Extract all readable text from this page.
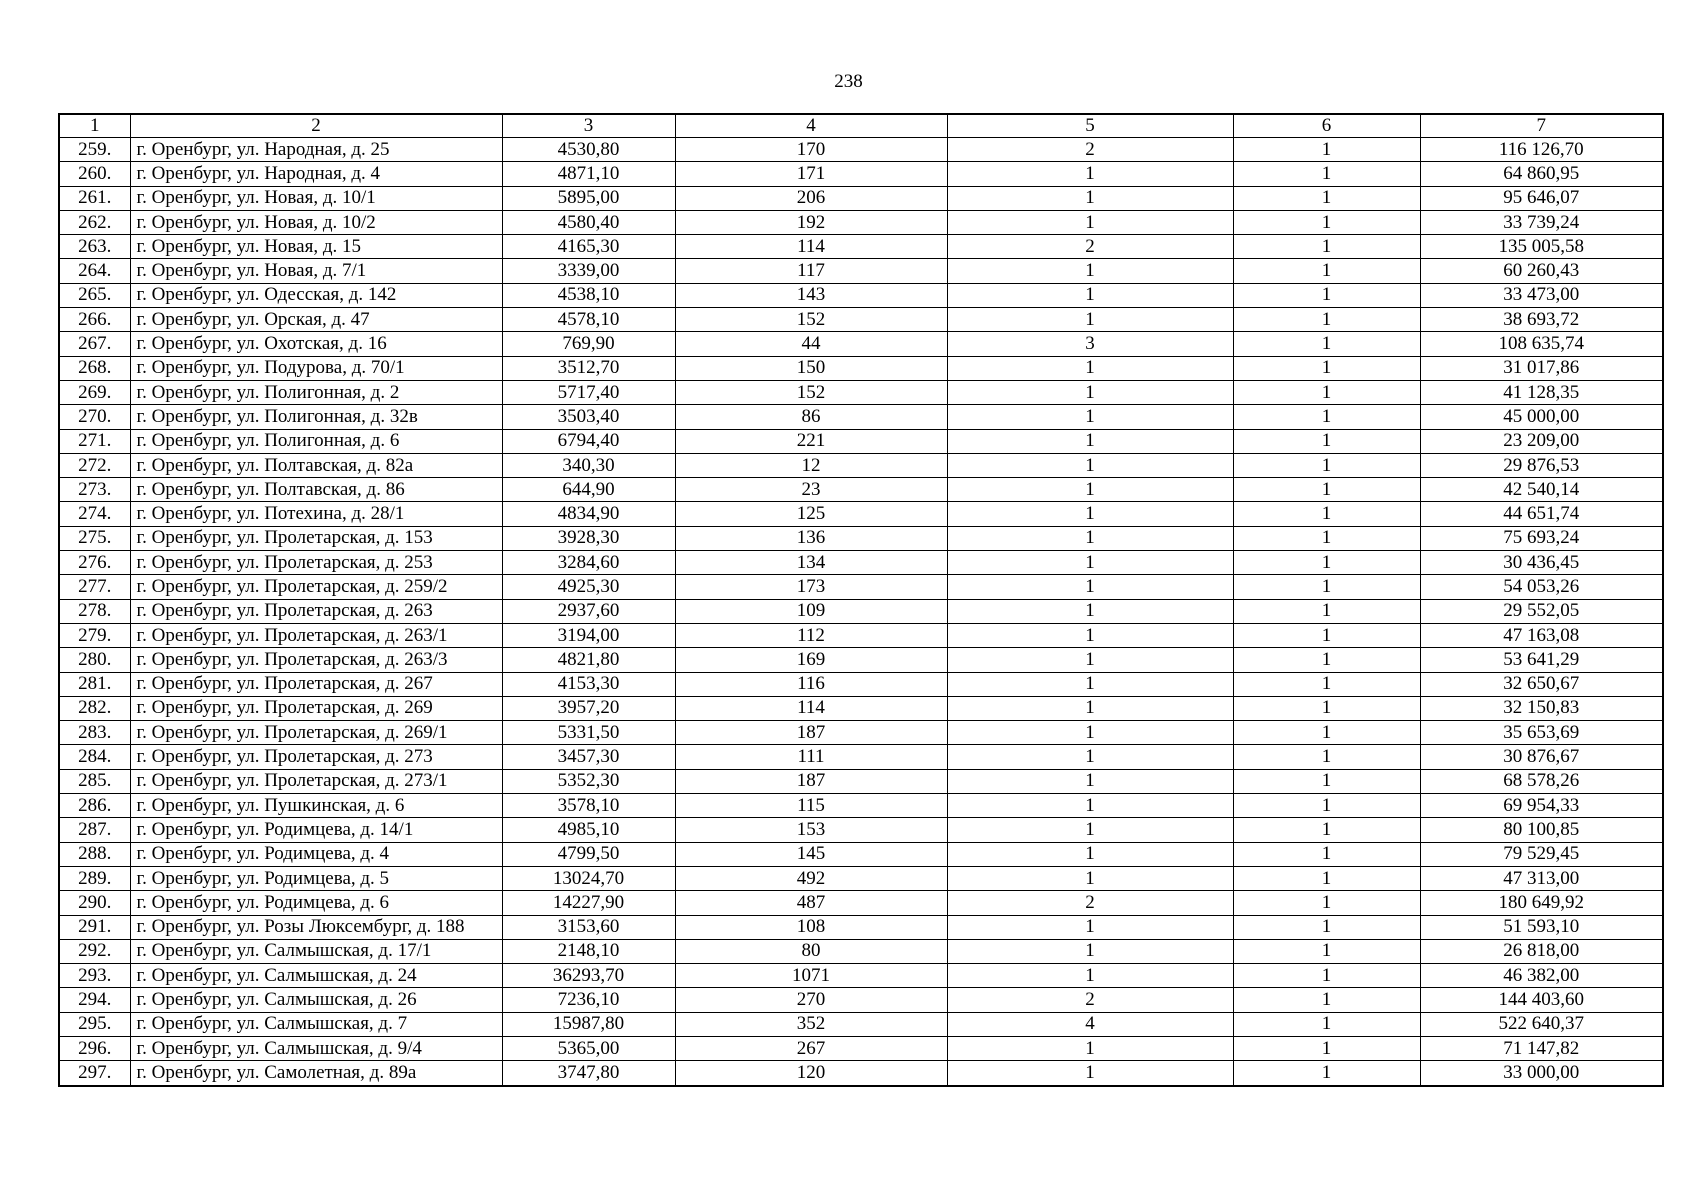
238
1	2	3	4	5	6	7
259.	г. Оренбург, ул. Народная, д. 25	4530,80	170	2	1	116 126,70
260.	г. Оренбург, ул. Народная, д. 4	4871,10	171	1	1	64 860,95
261.	г. Оренбург, ул. Новая, д. 10/1	5895,00	206	1	1	95 646,07
262.	г. Оренбург, ул. Новая, д. 10/2	4580,40	192	1	1	33 739,24
263.	г. Оренбург, ул. Новая, д. 15	4165,30	114	2	1	135 005,58
264.	г. Оренбург, ул. Новая, д. 7/1	3339,00	117	1	1	60 260,43
265.	г. Оренбург, ул. Одесская, д. 142	4538,10	143	1	1	33 473,00
266.	г. Оренбург, ул. Орская, д. 47	4578,10	152	1	1	38 693,72
267.	г. Оренбург, ул. Охотская, д. 16	769,90	44	3	1	108 635,74
268.	г. Оренбург, ул. Подурова, д. 70/1	3512,70	150	1	1	31 017,86
269.	г. Оренбург, ул. Полигонная, д. 2	5717,40	152	1	1	41 128,35
270.	г. Оренбург, ул. Полигонная, д. 32в	3503,40	86	1	1	45 000,00
271.	г. Оренбург, ул. Полигонная, д. 6	6794,40	221	1	1	23 209,00
272.	г. Оренбург, ул. Полтавская, д. 82а	340,30	12	1	1	29 876,53
273.	г. Оренбург, ул. Полтавская, д. 86	644,90	23	1	1	42 540,14
274.	г. Оренбург, ул. Потехина, д. 28/1	4834,90	125	1	1	44 651,74
275.	г. Оренбург, ул. Пролетарская, д. 153	3928,30	136	1	1	75 693,24
276.	г. Оренбург, ул. Пролетарская, д. 253	3284,60	134	1	1	30 436,45
277.	г. Оренбург, ул. Пролетарская, д. 259/2	4925,30	173	1	1	54 053,26
278.	г. Оренбург, ул. Пролетарская, д. 263	2937,60	109	1	1	29 552,05
279.	г. Оренбург, ул. Пролетарская, д. 263/1	3194,00	112	1	1	47 163,08
280.	г. Оренбург, ул. Пролетарская, д. 263/3	4821,80	169	1	1	53 641,29
281.	г. Оренбург, ул. Пролетарская, д. 267	4153,30	116	1	1	32 650,67
282.	г. Оренбург, ул. Пролетарская, д. 269	3957,20	114	1	1	32 150,83
283.	г. Оренбург, ул. Пролетарская, д. 269/1	5331,50	187	1	1	35 653,69
284.	г. Оренбург, ул. Пролетарская, д. 273	3457,30	111	1	1	30 876,67
285.	г. Оренбург, ул. Пролетарская, д. 273/1	5352,30	187	1	1	68 578,26
286.	г. Оренбург, ул. Пушкинская, д. 6	3578,10	115	1	1	69 954,33
287.	г. Оренбург, ул. Родимцева, д. 14/1	4985,10	153	1	1	80 100,85
288.	г. Оренбург, ул. Родимцева, д. 4	4799,50	145	1	1	79 529,45
289.	г. Оренбург, ул. Родимцева, д. 5	13024,70	492	1	1	47 313,00
290.	г. Оренбург, ул. Родимцева, д. 6	14227,90	487	2	1	180 649,92
291.	г. Оренбург, ул. Розы Люксембург, д. 188	3153,60	108	1	1	51 593,10
292.	г. Оренбург, ул. Салмышская, д. 17/1	2148,10	80	1	1	26 818,00
293.	г. Оренбург, ул. Салмышская, д. 24	36293,70	1071	1	1	46 382,00
294.	г. Оренбург, ул. Салмышская, д. 26	7236,10	270	2	1	144 403,60
295.	г. Оренбург, ул. Салмышская, д. 7	15987,80	352	4	1	522 640,37
296.	г. Оренбург, ул. Салмышская, д. 9/4	5365,00	267	1	1	71 147,82
297.	г. Оренбург, ул. Самолетная, д. 89а	3747,80	120	1	1	33 000,00
